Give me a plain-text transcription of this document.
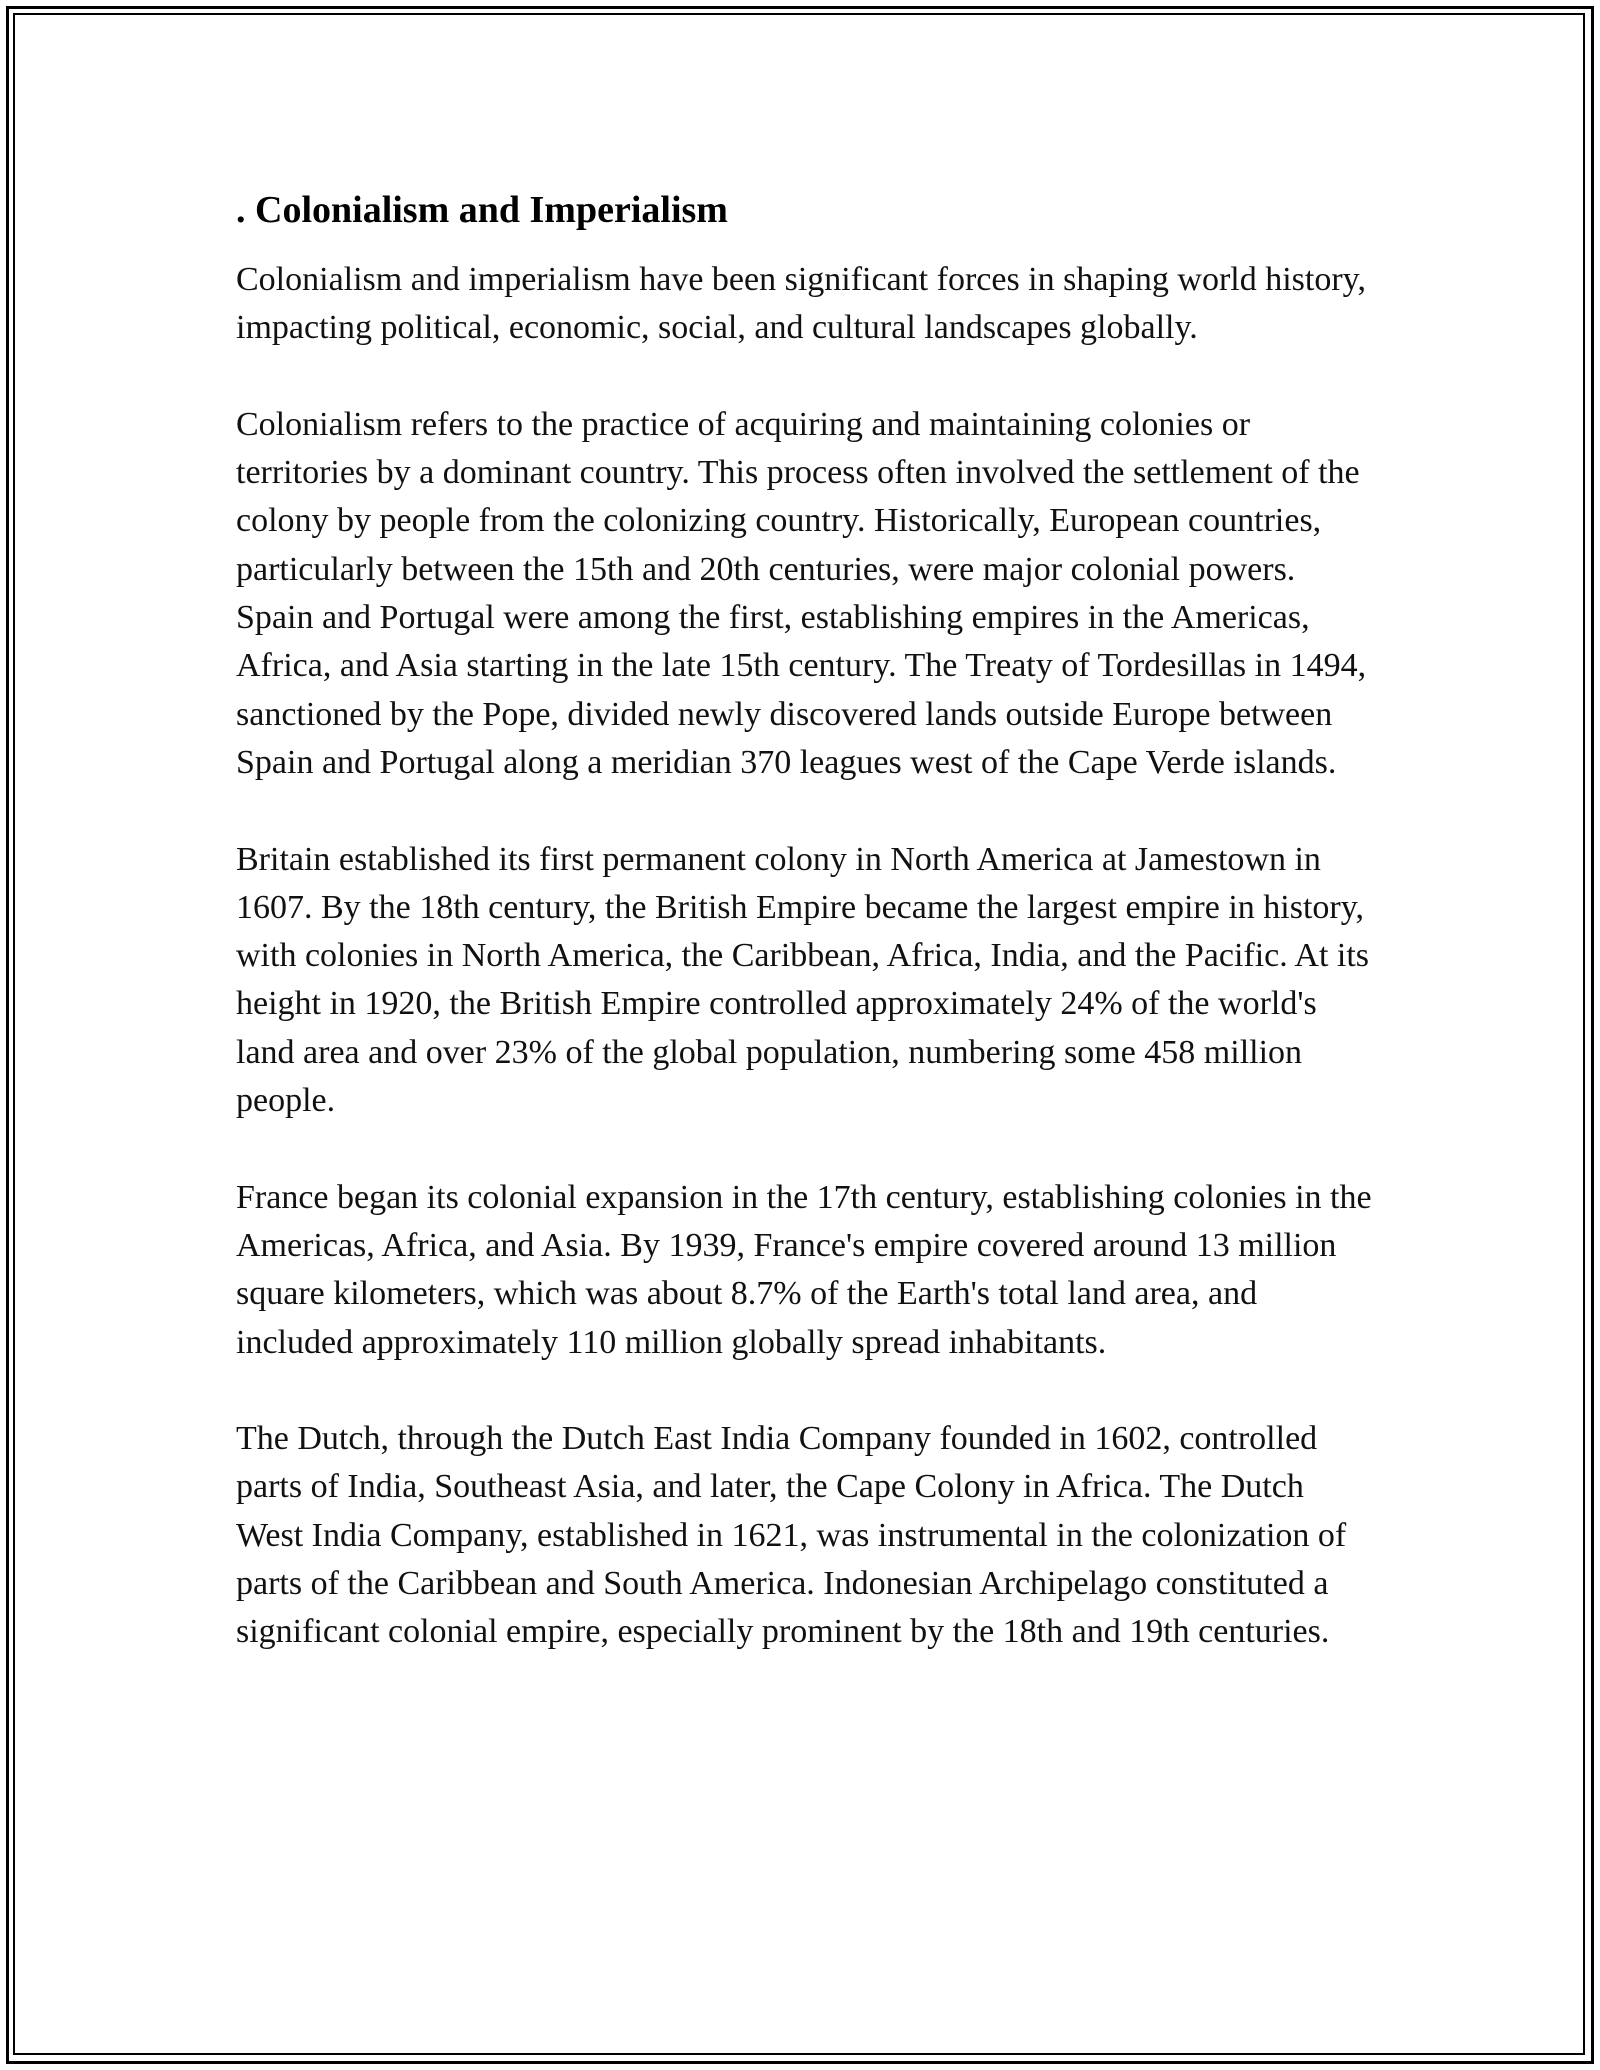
. Colonialism and Imperialism

Colonialism and imperialism have been significant forces in shaping world history, impacting political, economic, social, and cultural landscapes globally.

Colonialism refers to the practice of acquiring and maintaining colonies or territories by a dominant country. This process often involved the settlement of the colony by people from the colonizing country. Historically, European countries, particularly between the 15th and 20th centuries, were major colonial powers. Spain and Portugal were among the first, establishing empires in the Americas, Africa, and Asia starting in the late 15th century. The Treaty of Tordesillas in 1494, sanctioned by the Pope, divided newly discovered lands outside Europe between Spain and Portugal along a meridian 370 leagues west of the Cape Verde islands.

Britain established its first permanent colony in North America at Jamestown in 1607. By the 18th century, the British Empire became the largest empire in history, with colonies in North America, the Caribbean, Africa, India, and the Pacific. At its height in 1920, the British Empire controlled approximately 24% of the world's land area and over 23% of the global population, numbering some 458 million people.

France began its colonial expansion in the 17th century, establishing colonies in the Americas, Africa, and Asia. By 1939, France's empire covered around 13 million square kilometers, which was about 8.7% of the Earth's total land area, and included approximately 110 million globally spread inhabitants.

The Dutch, through the Dutch East India Company founded in 1602, controlled parts of India, Southeast Asia, and later, the Cape Colony in Africa. The Dutch West India Company, established in 1621, was instrumental in the colonization of parts of the Caribbean and South America. Indonesian Archipelago constituted a significant colonial empire, especially prominent by the 18th and 19th centuries.
